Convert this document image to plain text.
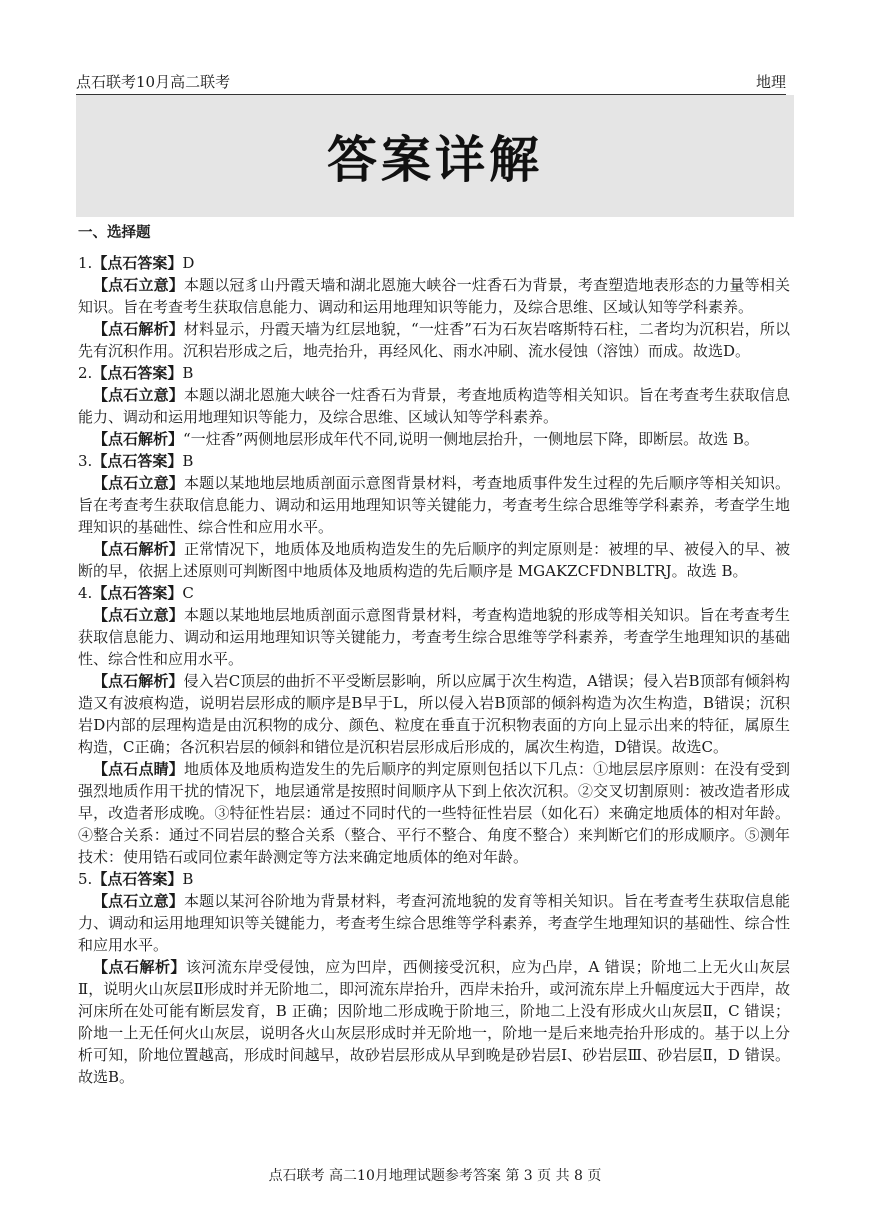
点石联考10月高二联考	地理
答案详解

一、选择题

1.【点石答案】D

【点石立意】本题以冠豸山丹霞天墙和湖北恩施大峡谷一炷香石为背景，考查塑造地表形态的力量等相关知识。旨在考查考生获取信息能力、调动和运用地理知识等能力，及综合思维、区域认知等学科素养。

【点石解析】材料显示，丹霞天墙为红层地貌，“一炷香”石为石灰岩喀斯特石柱，二者均为沉积岩，所以先有沉积作用。沉积岩形成之后，地壳抬升，再经风化、雨水冲刷、流水侵蚀（溶蚀）而成。故选D。

2.【点石答案】B

【点石立意】本题以湖北恩施大峡谷一炷香石为背景，考查地质构造等相关知识。旨在考查考生获取信息能力、调动和运用地理知识等能力，及综合思维、区域认知等学科素养。

【点石解析】“一炷香”两侧地层形成年代不同,说明一侧地层抬升，一侧地层下降，即断层。故选 B。

3.【点石答案】B

【点石立意】本题以某地地层地质剖面示意图背景材料，考查地质事件发生过程的先后顺序等相关知识。旨在考查考生获取信息能力、调动和运用地理知识等关键能力，考查考生综合思维等学科素养，考查学生地理知识的基础性、综合性和应用水平。

【点石解析】正常情况下，地质体及地质构造发生的先后顺序的判定原则是：被埋的早、被侵入的早、被断的早，依据上述原则可判断图中地质体及地质构造的先后顺序是 MGAKZCFDNBLTRJ。故选 B。

4.【点石答案】C

【点石立意】本题以某地地层地质剖面示意图背景材料，考查构造地貌的形成等相关知识。旨在考查考生获取信息能力、调动和运用地理知识等关键能力，考查考生综合思维等学科素养，考查学生地理知识的基础性、综合性和应用水平。

【点石解析】侵入岩C顶层的曲折不平受断层影响，所以应属于次生构造，A错误；侵入岩B顶部有倾斜构造又有波痕构造，说明岩层形成的顺序是B早于L，所以侵入岩B顶部的倾斜构造为次生构造，B错误；沉积岩D内部的层理构造是由沉积物的成分、颜色、粒度在垂直于沉积物表面的方向上显示出来的特征，属原生构造，C正确；各沉积岩层的倾斜和错位是沉积岩层形成后形成的，属次生构造，D错误。故选C。

【点石点睛】地质体及地质构造发生的先后顺序的判定原则包括以下几点：①地层层序原则：在没有受到强烈地质作用干扰的情况下，地层通常是按照时间顺序从下到上依次沉积。②交叉切割原则：被改造者形成早，改造者形成晚。③特征性岩层：通过不同时代的一些特征性岩层（如化石）来确定地质体的相对年龄。④整合关系：通过不同岩层的整合关系（整合、平行不整合、角度不整合）来判断它们的形成顺序。⑤测年技术：使用锆石或同位素年龄测定等方法来确定地质体的绝对年龄。

5.【点石答案】B

【点石立意】本题以某河谷阶地为背景材料，考查河流地貌的发育等相关知识。旨在考查考生获取信息能力、调动和运用地理知识等关键能力，考查考生综合思维等学科素养，考查学生地理知识的基础性、综合性和应用水平。

【点石解析】该河流东岸受侵蚀，应为凹岸，西侧接受沉积，应为凸岸，A 错误；阶地二上无火山灰层Ⅱ，说明火山灰层Ⅱ形成时并无阶地二，即河流东岸抬升，西岸未抬升，或河流东岸上升幅度远大于西岸，故河床所在处可能有断层发育，B 正确；因阶地二形成晚于阶地三，阶地二上没有形成火山灰层Ⅱ，C 错误；阶地一上无任何火山灰层，说明各火山灰层形成时并无阶地一，阶地一是后来地壳抬升形成的。基于以上分析可知，阶地位置越高，形成时间越早，故砂岩层形成从早到晚是砂岩层Ⅰ、砂岩层Ⅲ、砂岩层Ⅱ，D 错误。故选B。

点石联考 高二10月地理试题参考答案 第 3 页 共 8 页
